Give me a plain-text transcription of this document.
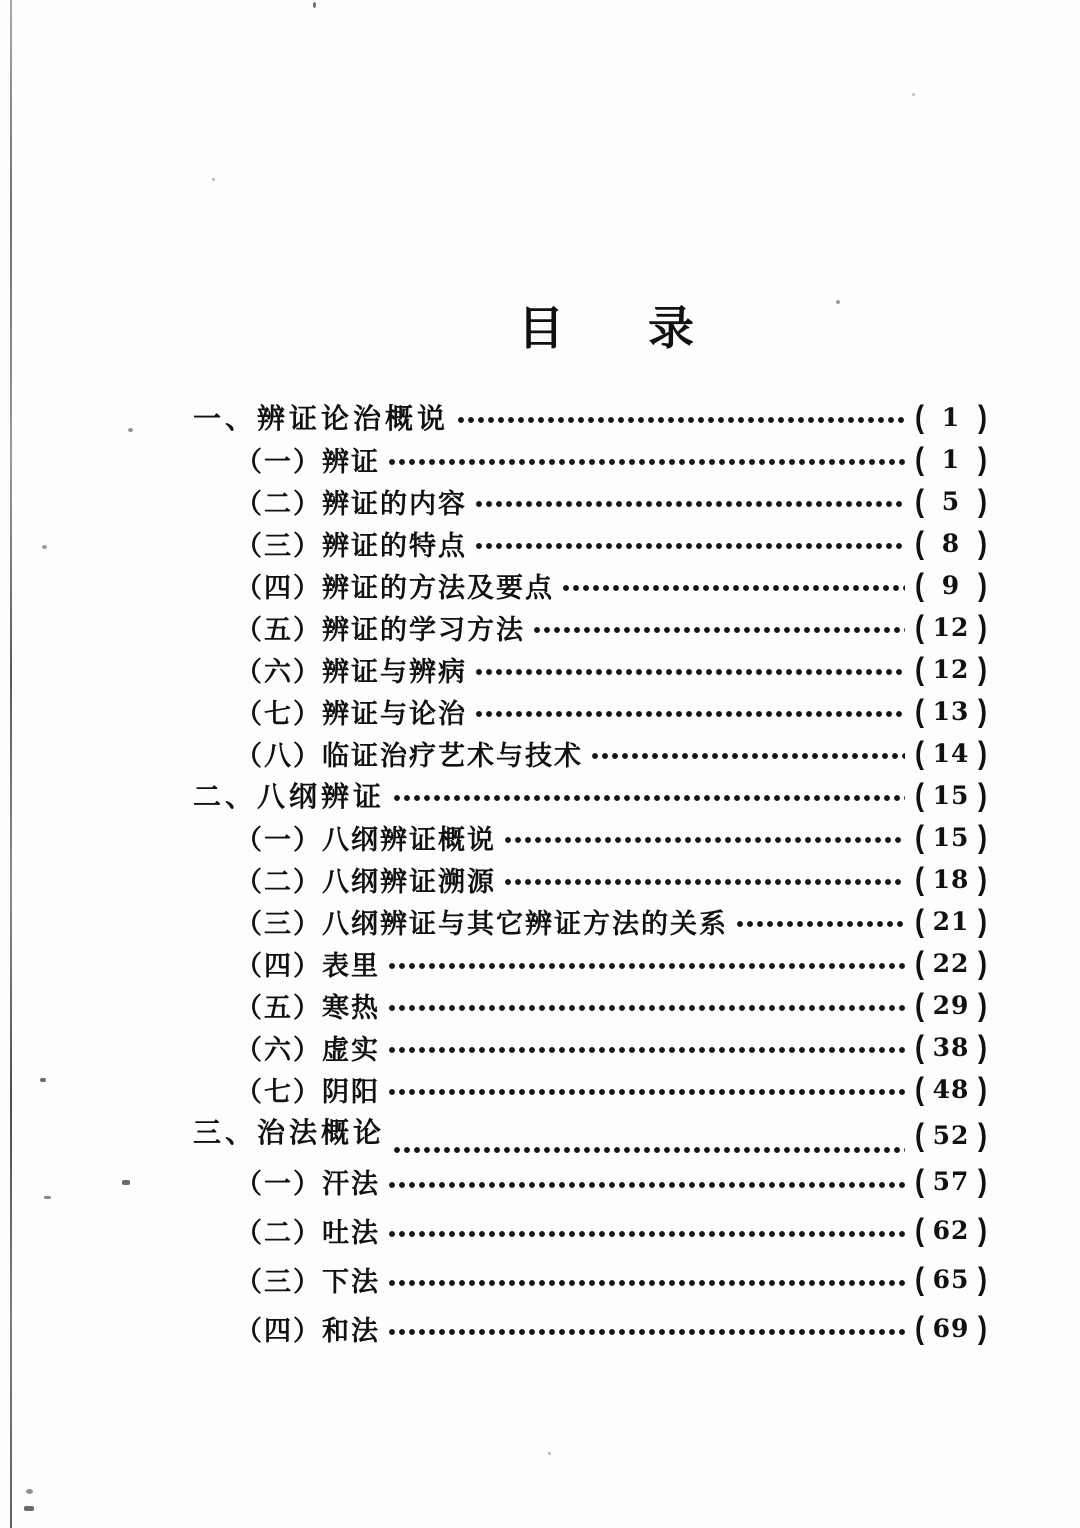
目 录
一、辨证论治概说	( 1 )
（一）辨证	( 1 )
（二）辨证的内容	( 5 )
（三）辨证的特点	( 8 )
（四）辨证的方法及要点	( 9 )
（五）辨证的学习方法	( 12 )
（六）辨证与辨病	( 12 )
（七）辨证与论治	( 13 )
（八）临证治疗艺术与技术	( 14 )
二、八纲辨证	( 15 )
（一）八纲辨证概说	( 15 )
（二）八纲辨证溯源	( 18 )
（三）八纲辨证与其它辨证方法的关系	( 21 )
（四）表里	( 22 )
（五）寒热	( 29 )
（六）虚实	( 38 )
（七）阴阳	( 48 )
三、治法概论	( 52 )
（一）汗法	( 57 )
（二）吐法	( 62 )
（三）下法	( 65 )
（四）和法	( 69 )
